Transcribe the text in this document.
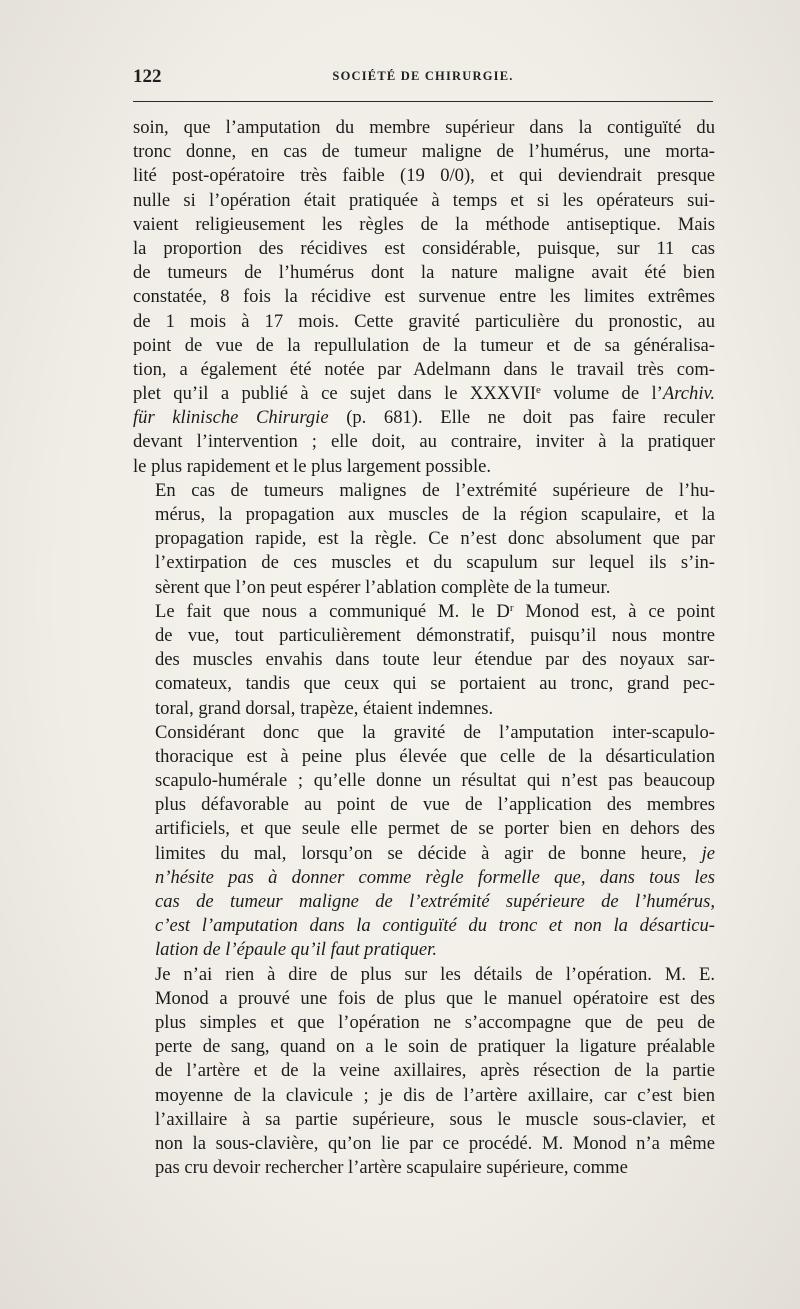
122	SOCIÉTÉ DE CHIRURGIE.

soin, que l’amputation du membre supérieur dans la contiguïté du
tronc donne, en cas de tumeur maligne de l’humérus, une morta-
lité post-opératoire très faible (19 0/0), et qui deviendrait presque
nulle si l’opération était pratiquée à temps et si les opérateurs sui-
vaient religieusement les règles de la méthode antiseptique. Mais
la proportion des récidives est considérable, puisque, sur 11 cas
de tumeurs de l’humérus dont la nature maligne avait été bien
constatée, 8 fois la récidive est survenue entre les limites extrêmes
de 1 mois à 17 mois. Cette gravité particulière du pronostic, au
point de vue de la repullulation de la tumeur et de sa généralisa-
tion, a également été notée par Adelmann dans le travail très com-
plet qu’il a publié à ce sujet dans le XXXVIIe volume de l’Archiv.
für klinische Chirurgie (p. 681). Elle ne doit pas faire reculer
devant l’intervention ; elle doit, au contraire, inviter à la pratiquer
le plus rapidement et le plus largement possible.

En cas de tumeurs malignes de l’extrémité supérieure de l’hu-
mérus, la propagation aux muscles de la région scapulaire, et la
propagation rapide, est la règle. Ce n’est donc absolument que par
l’extirpation de ces muscles et du scapulum sur lequel ils s’in-
sèrent que l’on peut espérer l’ablation complète de la tumeur.

Le fait que nous a communiqué M. le $D^r$ Monod est, à ce point
de vue, tout particulièrement démonstratif, puisqu’il nous montre
des muscles envahis dans toute leur étendue par des noyaux sar-
comateux, tandis que ceux qui se portaient au tronc, grand pec-
toral, grand dorsal, trapèze, étaient indemnes.

Considérant donc que la gravité de l’amputation inter-scapulo-
thoracique est à peine plus élevée que celle de la désarticulation
scapulo-humérale ; qu’elle donne un résultat qui n’est pas beaucoup
plus défavorable au point de vue de l’application des membres
artificiels, et que seule elle permet de se porter bien en dehors des
limites du mal, lorsqu’on se décide à agir de bonne heure, je
n’hésite pas à donner comme règle formelle que, dans tous les
cas de tumeur maligne de l’extrémité supérieure de l’humérus,
c’est l’amputation dans la contiguïté du tronc et non la désarticu-
lation de l’épaule qu’il faut pratiquer.

Je n’ai rien à dire de plus sur les détails de l’opération. M. E.
Monod a prouvé une fois de plus que le manuel opératoire est des
plus simples et que l’opération ne s’accompagne que de peu de
perte de sang, quand on a le soin de pratiquer la ligature préalable
de l’artère et de la veine axillaires, après résection de la partie
moyenne de la clavicule ; je dis de l’artère axillaire, car c’est bien
l’axillaire à sa partie supérieure, sous le muscle sous-clavier, et
non la sous-clavière, qu’on lie par ce procédé. M. Monod n’a même
pas cru devoir rechercher l’artère scapulaire supérieure, comme
